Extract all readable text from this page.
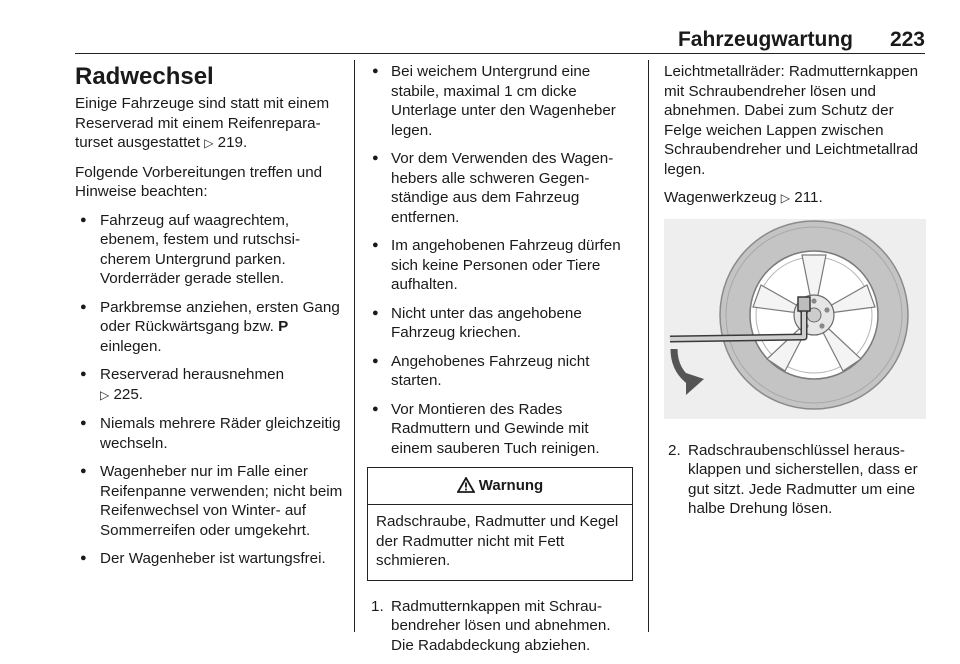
Fahrzeugwartung 223
Radwechsel

Einige Fahrzeuge sind statt mit einem Reserverad mit einem Reifenreparaturset ausgestattet ▷ 219.

Folgende Vorbereitungen treffen und Hinweise beachten:

● Fahrzeug auf waagrechtem, ebenem, festem und rutschsicherem Untergrund parken. Vorderräder gerade stellen.
● Parkbremse anziehen, ersten Gang oder Rückwärtsgang bzw. P einlegen.
● Reserverad herausnehmen
▷ 225.
● Niemals mehrere Räder gleichzeitig wechseln.
● Wagenheber nur im Falle einer Reifenpanne verwenden; nicht beim Reifenwechsel von Winter- auf Sommerreifen oder umgekehrt.
● Der Wagenheber ist wartungsfrei.
● Bei weichem Untergrund eine stabile, maximal 1 cm dicke Unterlage unter den Wagenheber legen.
● Vor dem Verwenden des Wagenhebers alle schweren Gegenständige aus dem Fahrzeug entfernen.
● Im angehobenen Fahrzeug dürfen sich keine Personen oder Tiere aufhalten.
● Nicht unter das angehobene Fahrzeug kriechen.
● Angehobenes Fahrzeug nicht starten.
● Vor Montieren des Rades Radmuttern und Gewinde mit einem sauberen Tuch reinigen.
Warnung
Radschraube, Radmutter und Kegel der Radmutter nicht mit Fett schmieren.
1. Radmutternkappen mit Schraubendreher lösen und abnehmen. Die Radabdeckung abziehen.

Leichtmetallräder: Radmutternkappen mit Schraubendreher lösen und abnehmen. Dabei zum Schutz der Felge weichen Lappen zwischen Schraubendreher und Leichtmetallrad legen.

Wagenwerkzeug ▷ 211.

2. Radschraubenschlüssel herausklappen und sicherstellen, dass er gut sitzt. Jede Radmutter um eine halbe Drehung lösen.
